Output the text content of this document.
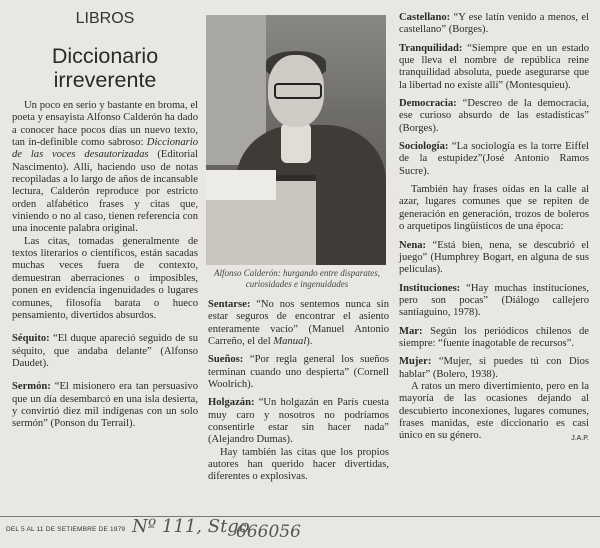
LIBROS
Diccionario
irreverente

Un poco en serio y bastante en broma, el poeta y ensayista Alfonso Calderón ha dado a conocer hace pocos días un nuevo texto, tan in-definible como sabroso: Diccionario de las voces desautorizadas (Editorial Nascimento). Allí, haciendo uso de notas recopiladas a lo largo de años de incansable lectura, Calderón reproduce por estricto orden alfabético frases y citas que, viniendo o no al caso, tienen referencia con una inocente palabra original.

Las citas, tomadas generalmente de textos literarios o científicos, están sacadas muchas veces fuera de contexto, demuestran aberraciones o imposibles, ponen en evidencia ingenuidades o lugares comunes, filosofía barata o hueco pensamiento, divertidos absurdos.

Séquito: “El duque apareció seguido de su séquito, que andaba delante” (Alfonso Daudet).

Sermón: “El misionero era tan persuasivo que un día desembarcó en una isla desierta, y convirtió diez mil indígenas con un solo sermón” (Ponson du Terrail).

Alfonso Calderón: hurgando entre disparates, curiosidades e ingenuidades

Sentarse: “No nos sentemos nunca sin estar seguros de encontrar el asiento enteramente vacío” (Manuel Antonio Carreño, el del Manual).

Sueños: “Por regla general los sueños terminan cuando uno despierta” (Cornell Woolrich).

Holgazán: “Un holgazán en París cuesta muy caro y nosotros no podríamos consentirle estar sin hacer nada” (Alejandro Dumas).

Hay también las citas que los propios autores han querido hacer divertidas, diferentes o explosivas.

Castellano: “Y ese latín venido a menos, el castellano” (Borges).

Tranquilidad: “Siempre que en un estado que lleva el nombre de república reine tranquilidad absoluta, puede asegurarse que la libertad no existe allí” (Montesquieu).

Democracia: “Descreo de la democracia, ese curioso absurdo de las estadísticas” (Borges).

Sociología: “La sociología es la torre Eiffel de la estupidez”(José Antonio Ramos Sucre).

También hay frases oídas en la calle al azar, lugares comunes que se repiten de generación en generación, trozos de boleros o arquetipos lingüísticos de una época:

Nena: “Está bien, nena, se descubrió el juego” (Humphrey Bogart, en alguna de sus películas).

Instituciones: “Hay muchas instituciones, pero son pocas” (Diálogo callejero santiaguino, 1978).

Mar: Según los periódicos chilenos de siempre: “fuente inagotable de recursos”.

Mujer: “Mujer, si puedes tú con Dios hablar” (Bolero, 1938).

A ratos un mero divertimiento, pero en la mayoría de las ocasiones dejando al descubierto inconexiones, lugares comunes, frases manidas, este diccionario es casi único en su género.	J.A.P.

DEL 5 AL 11 DE SETIEMBRE DE 1979 Nº 111, Stgo
666056
